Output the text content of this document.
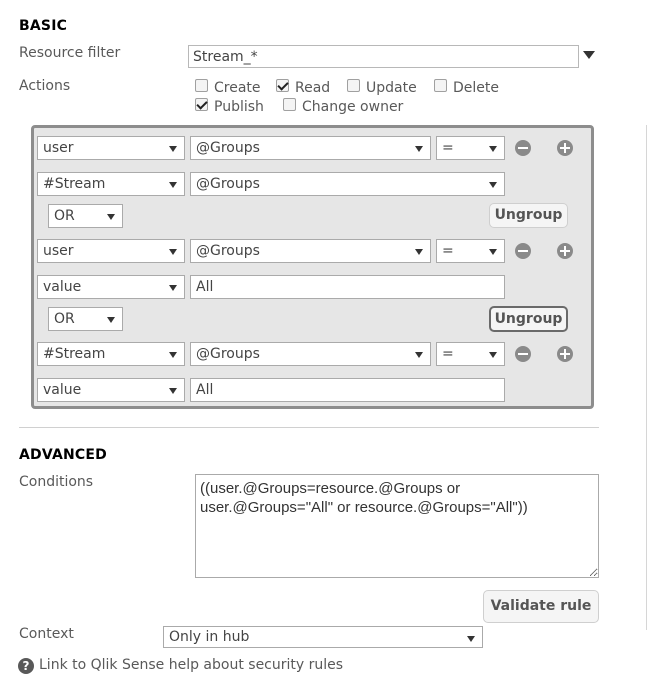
BASIC
Resource filter	Stream_*
Actions	Create Read	Update	Delete
Publish	Change owner
user	@Groups	=
#Stream	@Groups
OR	Ungroup
user	@Groups	=
value	All
OR	Ungroup
#Stream	@Groups	=
value	All
ADVANCED
Conditions
((user.@Groups=resource.@Groups or user.@Groups="All" or resource.@Groups="All"))
Validate rule
Context	Only in hub
? Link to Qlik Sense help about security rules
